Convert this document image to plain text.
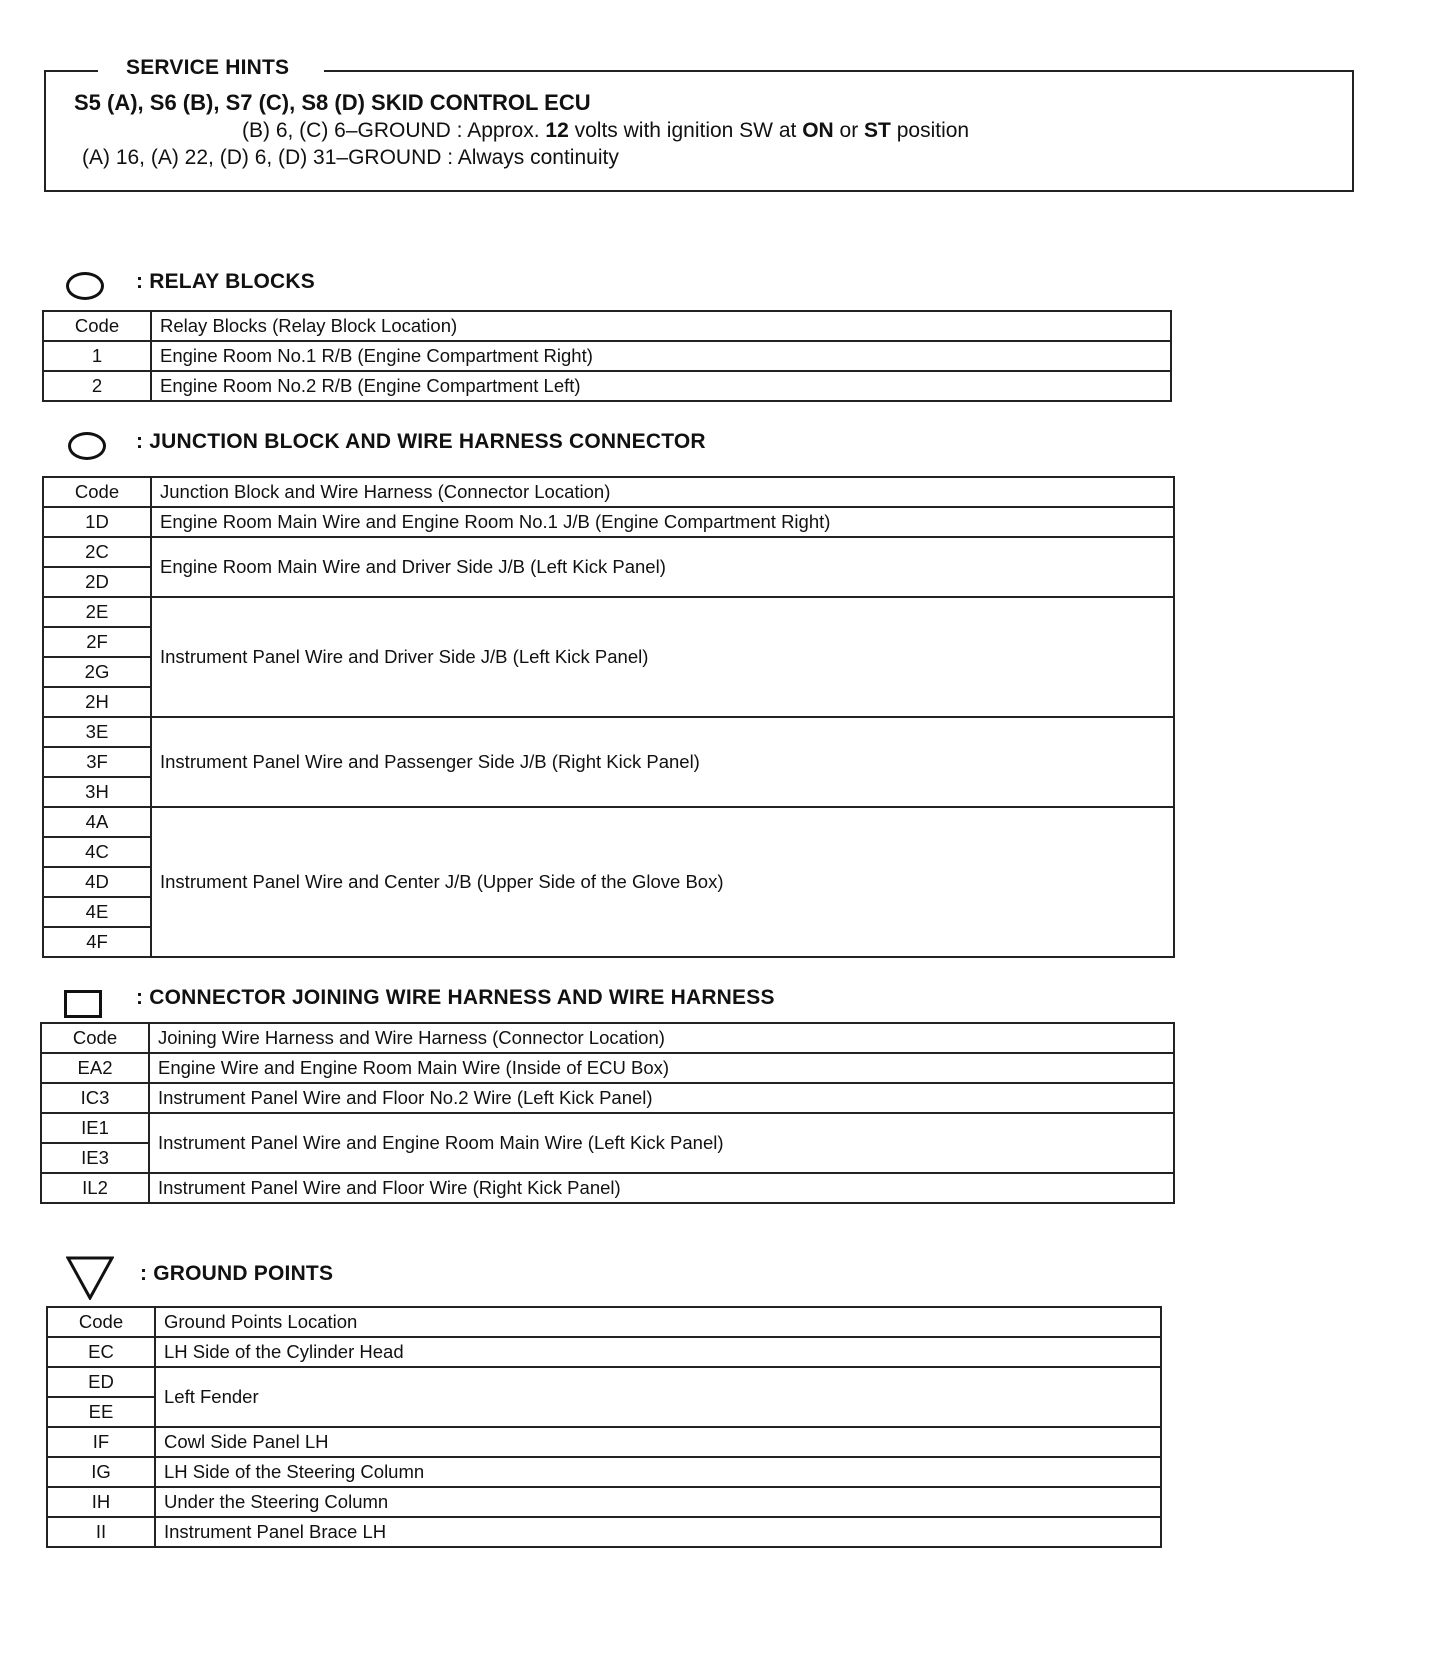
SERVICE HINTS
S5 (A), S6 (B), S7 (C), S8 (D) SKID CONTROL ECU
(B) 6, (C) 6–GROUND : Approx. 12 volts with ignition SW at ON or ST position
(A) 16, (A) 22, (D) 6, (D) 31–GROUND : Always continuity
: RELAY BLOCKS
Code	Relay Blocks (Relay Block Location)
1	Engine Room No.1 R/B (Engine Compartment Right)
2	Engine Room No.2 R/B (Engine Compartment Left)
: JUNCTION BLOCK AND WIRE HARNESS CONNECTOR
Code	Junction Block and Wire Harness (Connector Location)
1D	Engine Room Main Wire and Engine Room No.1 J/B (Engine Compartment Right)
2C	Engine Room Main Wire and Driver Side J/B (Left Kick Panel)
2D	
2E	Instrument Panel Wire and Driver Side J/B (Left Kick Panel)
2F	
2G	
2H	
3E	Instrument Panel Wire and Passenger Side J/B (Right Kick Panel)
3F	
3H	
4A	Instrument Panel Wire and Center J/B (Upper Side of the Glove Box)
4C	
4D	
4E	
4F	
: CONNECTOR JOINING WIRE HARNESS AND WIRE HARNESS
Code	Joining Wire Harness and Wire Harness (Connector Location)
EA2	Engine Wire and Engine Room Main Wire (Inside of ECU Box)
IC3	Instrument Panel Wire and Floor No.2 Wire (Left Kick Panel)
IE1	Instrument Panel Wire and Engine Room Main Wire (Left Kick Panel)
IE3	
IL2	Instrument Panel Wire and Floor Wire (Right Kick Panel)
: GROUND POINTS
Code	Ground Points Location
EC	LH Side of the Cylinder Head
ED	Left Fender
EE	
IF	Cowl Side Panel LH
IG	LH Side of the Steering Column
IH	Under the Steering Column
II	Instrument Panel Brace LH
